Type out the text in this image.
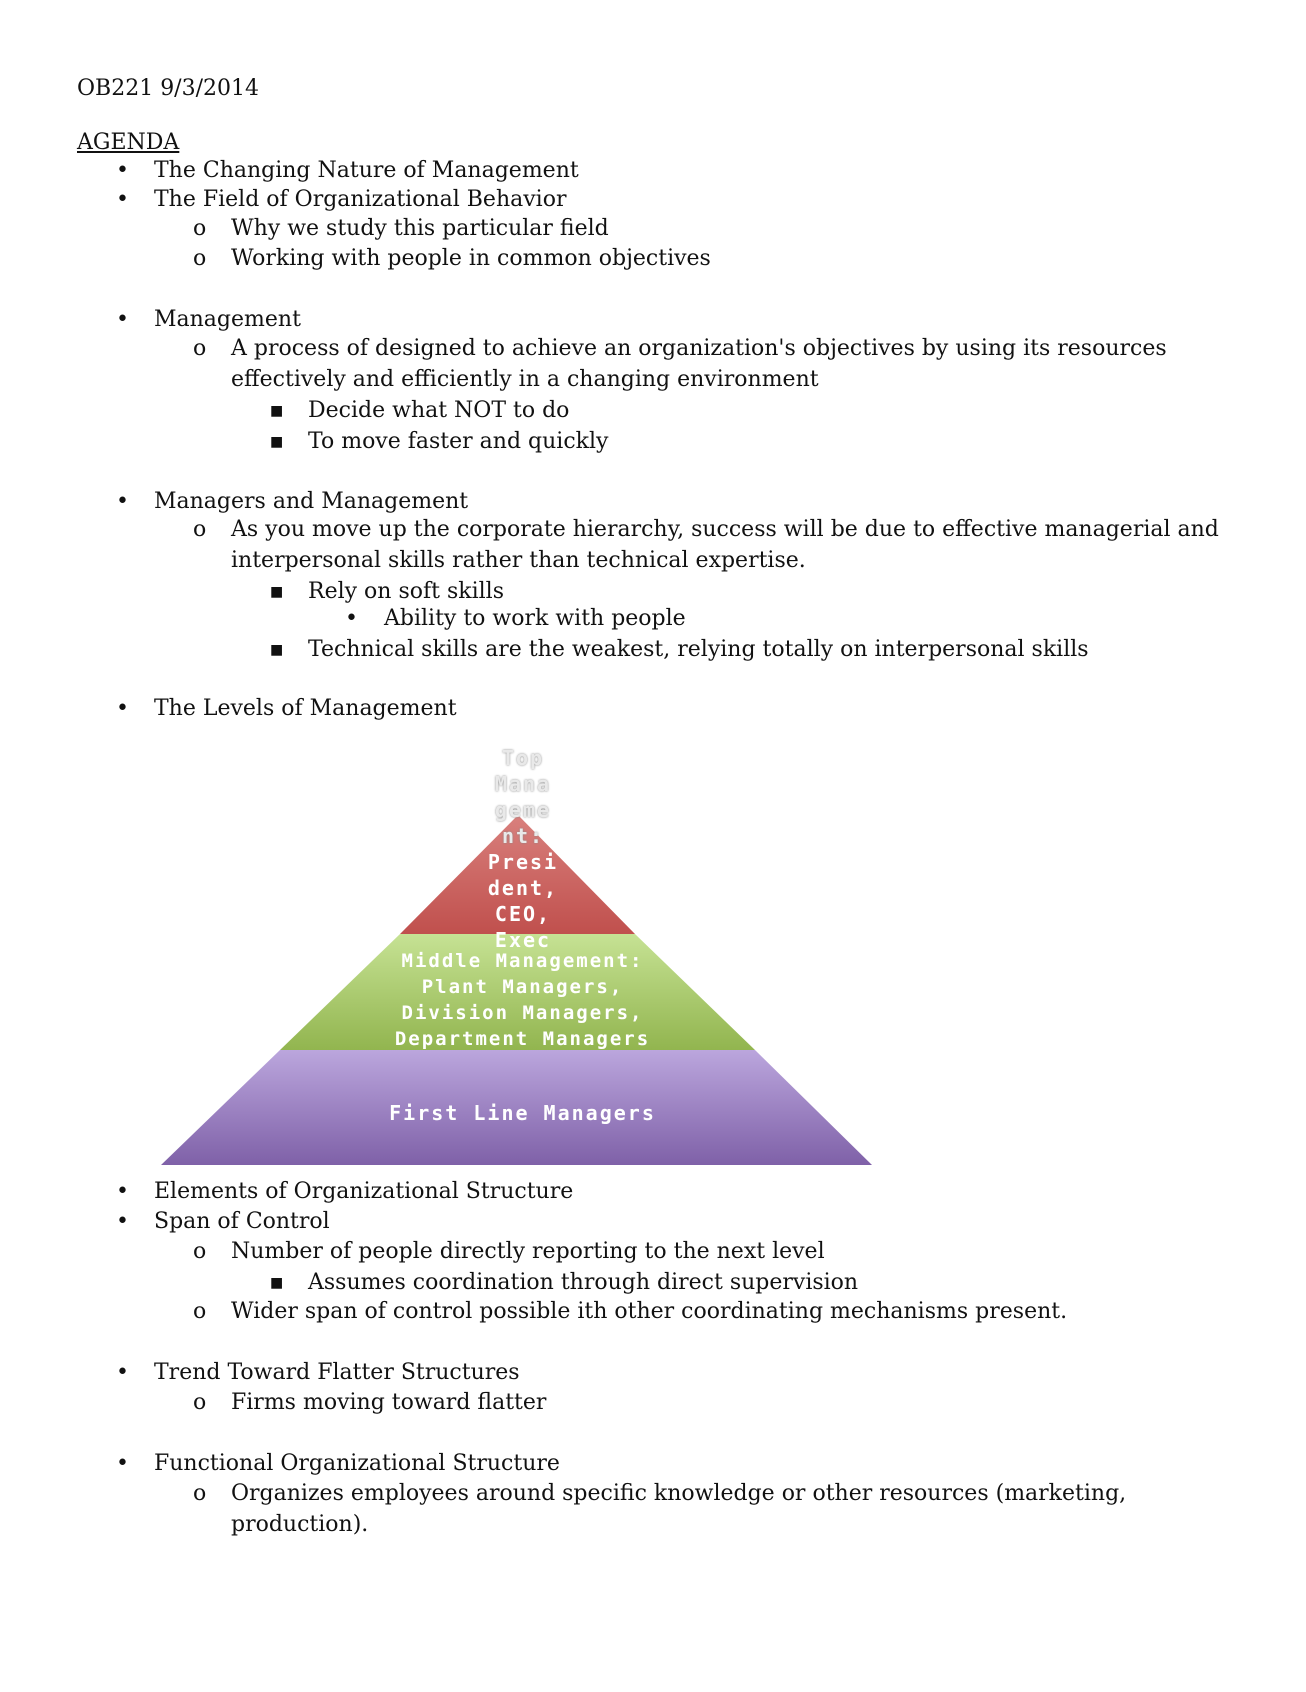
OB221 9/3/2014
AGENDA
• The Changing Nature of Management
• The Field of Organizational Behavior
o Why we study this particular field
o Working with people in common objectives
• Management
o A process of designed to achieve an organization's objectives by using its resources
effectively and efficiently in a changing environment
■ Decide what NOT to do
■ To move faster and quickly
• Managers and Management
o As you move up the corporate hierarchy, success will be due to effective managerial and
interpersonal skills rather than technical expertise.
■ Rely on soft skills
• Ability to work with people
■ Technical skills are the weakest, relying totally on interpersonal skills
• The Levels of Management
Top
Mana
geme
nt:
Presi
dent,
CEO,
Exec
Middle Management:
Plant Managers,
Division Managers,
Department Managers
First Line Managers
• Elements of Organizational Structure
• Span of Control
o Number of people directly reporting to the next level
■ Assumes coordination through direct supervision
o Wider span of control possible ith other coordinating mechanisms present.
• Trend Toward Flatter Structures
o Firms moving toward flatter
• Functional Organizational Structure
o Organizes employees around specific knowledge or other resources (marketing,
production).
